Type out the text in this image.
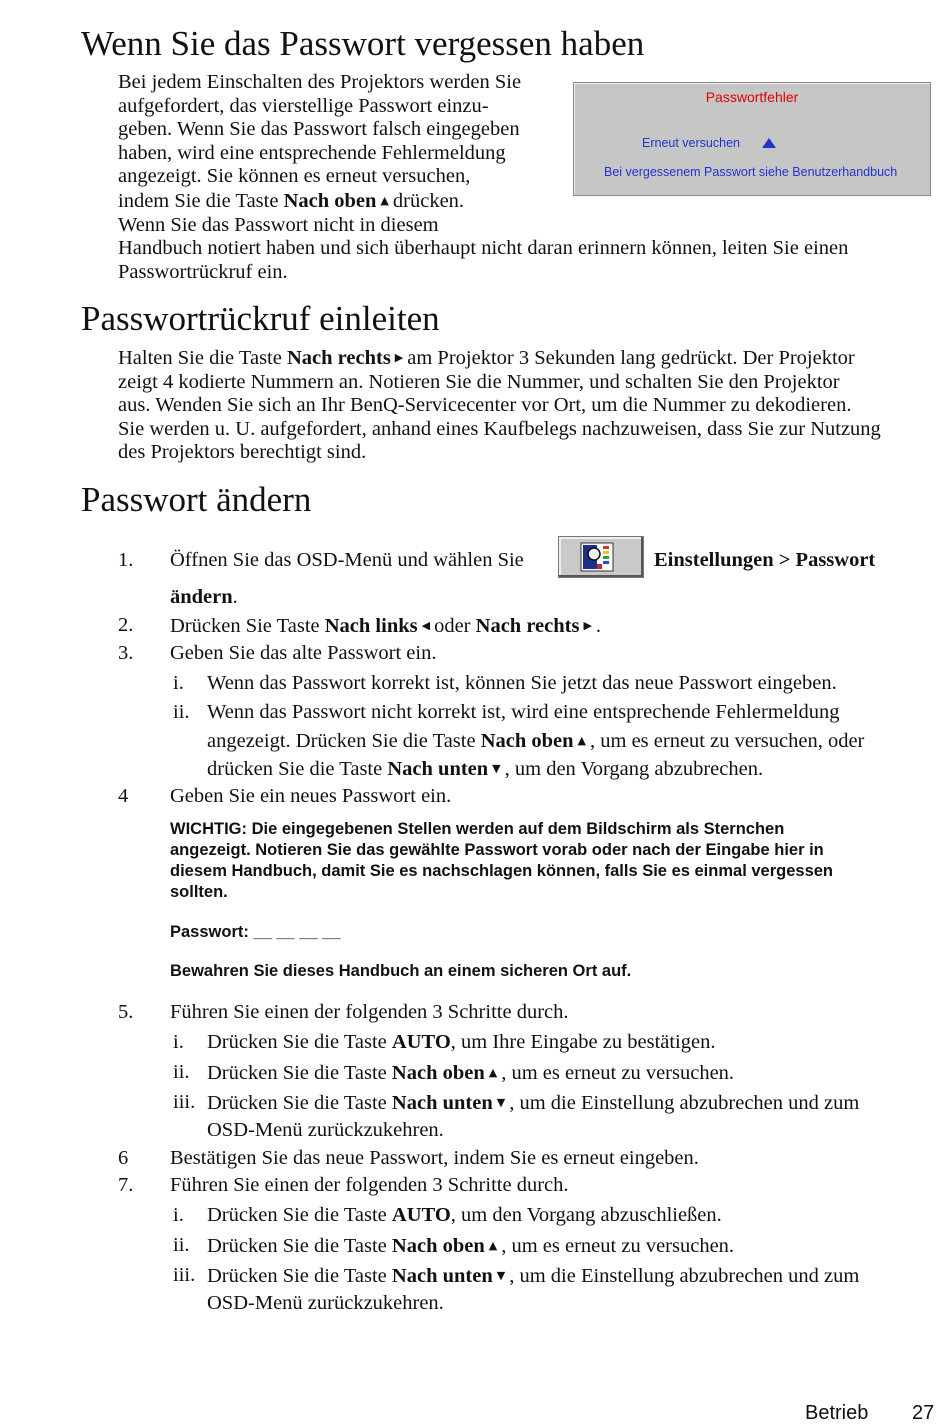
Wenn Sie das Passwort vergessen haben
Bei jedem Einschalten des Projektors werden Sie
aufgefordert, das vierstellige Passwort einzu-
geben. Wenn Sie das Passwort falsch eingegeben
haben, wird eine entsprechende Fehlermeldung
angezeigt. Sie können es erneut versuchen,
indem Sie die Taste Nach oben ▲ drücken.
Wenn Sie das Passwort nicht in diesem
Handbuch notiert haben und sich überhaupt nicht daran erinnern können, leiten Sie einen
Passwortrückruf ein.
Passwortfehler
Erneut versuchen
Bei vergessenem Passwort siehe Benutzerhandbuch
Passwortrückruf einleiten
Halten Sie die Taste Nach rechts ▶ am Projektor 3 Sekunden lang gedrückt. Der Projektor
zeigt 4 kodierte Nummern an. Notieren Sie die Nummer, und schalten Sie den Projektor
aus. Wenden Sie sich an Ihr BenQ-Servicecenter vor Ort, um die Nummer zu dekodieren.
Sie werden u. U. aufgefordert, anhand eines Kaufbelegs nachzuweisen, dass Sie zur Nutzung
des Projektors berechtigt sind.
Passwort ändern
1. Öffnen Sie das OSD-Menü und wählen Sie	Einstellungen > Passwort
ändern.
2. Drücken Sie Taste Nach links ◀ oder Nach rechts ▶ .
3. Geben Sie das alte Passwort ein.
i. Wenn das Passwort korrekt ist, können Sie jetzt das neue Passwort eingeben.
ii. Wenn das Passwort nicht korrekt ist, wird eine entsprechende Fehlermeldung
angezeigt. Drücken Sie die Taste Nach oben ▲ , um es erneut zu versuchen, oder
drücken Sie die Taste Nach unten ▼ , um den Vorgang abzubrechen.
4 Geben Sie ein neues Passwort ein.
WICHTIG: Die eingegebenen Stellen werden auf dem Bildschirm als Sternchen
angezeigt. Notieren Sie das gewählte Passwort vorab oder nach der Eingabe hier in
diesem Handbuch, damit Sie es nachschlagen können, falls Sie es einmal vergessen
sollten.
Passwort: __ __ __ __
Bewahren Sie dieses Handbuch an einem sicheren Ort auf.
5. Führen Sie einen der folgenden 3 Schritte durch.
i. Drücken Sie die Taste AUTO, um Ihre Eingabe zu bestätigen.
ii. Drücken Sie die Taste Nach oben ▲ , um es erneut zu versuchen.
iii. Drücken Sie die Taste Nach unten ▼ , um die Einstellung abzubrechen und zum
OSD-Menü zurückzukehren.
6 Bestätigen Sie das neue Passwort, indem Sie es erneut eingeben.
7. Führen Sie einen der folgenden 3 Schritte durch.
i. Drücken Sie die Taste AUTO, um den Vorgang abzuschließen.
ii. Drücken Sie die Taste Nach oben ▲ , um es erneut zu versuchen.
iii. Drücken Sie die Taste Nach unten ▼ , um die Einstellung abzubrechen und zum
OSD-Menü zurückzukehren.
Betrieb 27
